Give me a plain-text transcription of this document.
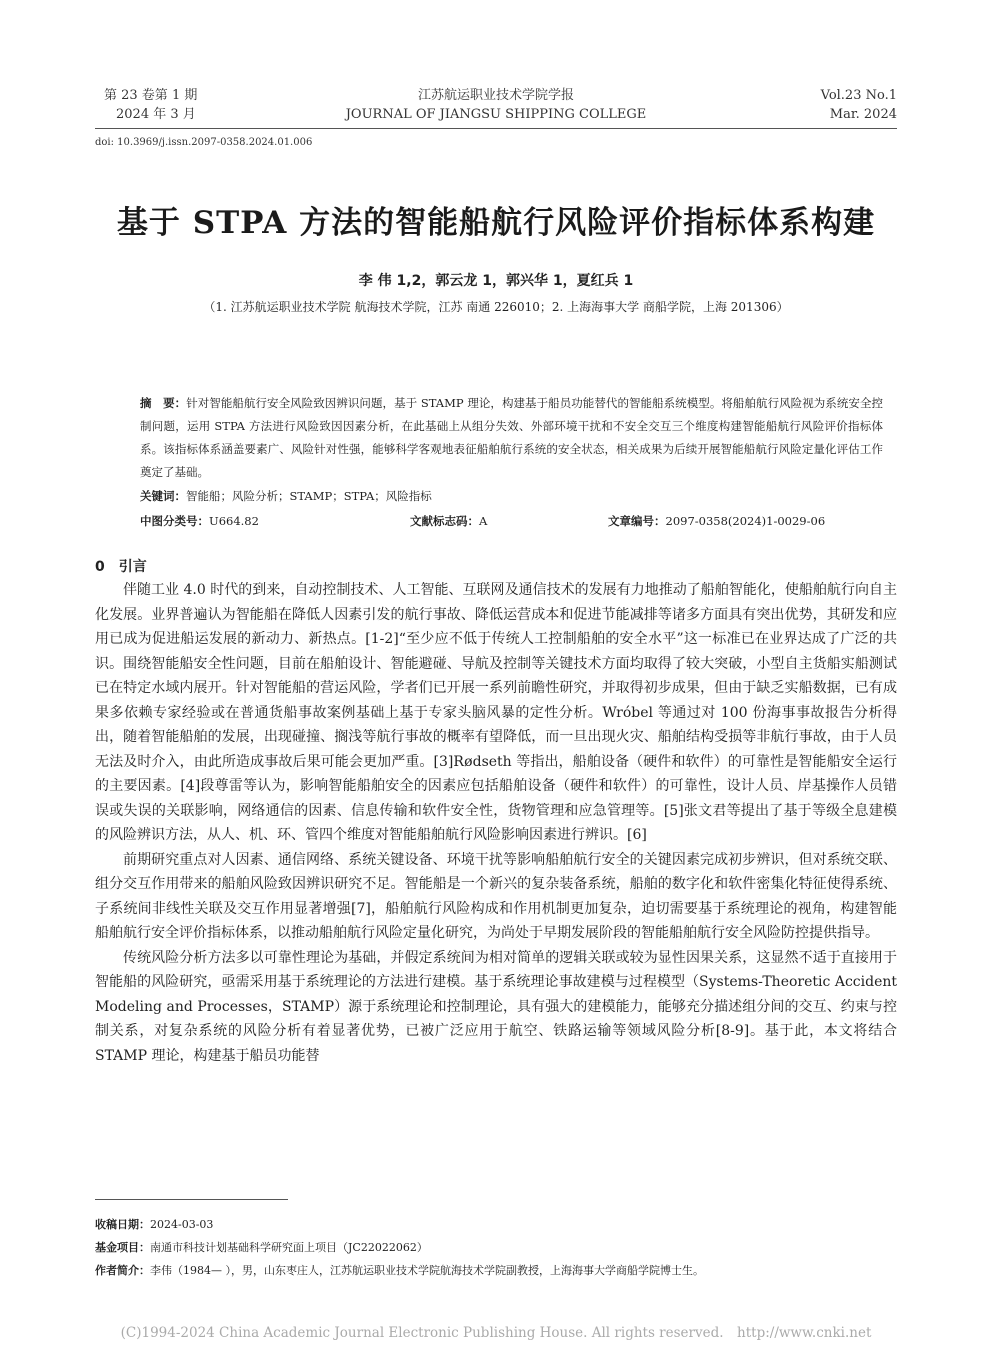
第 23 卷第 1 期
2024 年 3 月
江苏航运职业技术学院学报
JOURNAL OF JIANGSU SHIPPING COLLEGE
Vol.23 No.1
Mar. 2024
doi: 10.3969/j.issn.2097-0358.2024.01.006
基于 STPA 方法的智能船航行风险评价指标体系构建
李 伟 1,2，郭云龙 1，郭兴华 1，夏红兵 1
（1. 江苏航运职业技术学院 航海技术学院，江苏 南通 226010；2. 上海海事大学 商船学院，上海 201306）
摘　要：针对智能船航行安全风险致因辨识问题，基于 STAMP 理论，构建基于船员功能替代的智能船系统模型。将船舶航行风险视为系统安全控制问题，运用 STPA 方法进行风险致因因素分析，在此基础上从组分失效、外部环境干扰和不安全交互三个维度构建智能船航行风险评价指标体系。该指标体系涵盖要素广、风险针对性强，能够科学客观地表征船舶航行系统的安全状态，相关成果为后续开展智能船航行风险定量化评估工作奠定了基础。
关键词：智能船；风险分析；STAMP；STPA；风险指标
中图分类号：U664.82	文献标志码：A	文章编号：2097-0358(2024)1-0029-06
0　引言

伴随工业 4.0 时代的到来，自动控制技术、人工智能、互联网及通信技术的发展有力地推动了船舶智能化，使船舶航行向自主化发展。业界普遍认为智能船在降低人因素引发的航行事故、降低运营成本和促进节能减排等诸多方面具有突出优势，其研发和应用已成为促进船运发展的新动力、新热点。[1-2]“至少应不低于传统人工控制船舶的安全水平”这一标准已在业界达成了广泛的共识。围绕智能船安全性问题，目前在船舶设计、智能避碰、导航及控制等关键技术方面均取得了较大突破，小型自主货船实船测试已在特定水域内展开。针对智能船的营运风险，学者们已开展一系列前瞻性研究，并取得初步成果，但由于缺乏实船数据，已有成果多依赖专家经验或在普通货船事故案例基础上基于专家头脑风暴的定性分析。Wróbel 等通过对 100 份海事事故报告分析得出，随着智能船舶的发展，出现碰撞、搁浅等航行事故的概率有望降低，而一旦出现火灾、船舶结构受损等非航行事故，由于人员无法及时介入，由此所造成事故后果可能会更加严重。[3]Rødseth 等指出，船舶设备（硬件和软件）的可靠性是智能船安全运行的主要因素。[4]段尊雷等认为，影响智能船舶安全的因素应包括船舶设备（硬件和软件）的可靠性，设计人员、岸基操作人员错误或失误的关联影响，网络通信的因素、信息传输和软件安全性，货物管理和应急管理等。[5]张文君等提出了基于等级全息建模的风险辨识方法，从人、机、环、管四个维度对智能船舶航行风险影响因素进行辨识。[6]

前期研究重点对人因素、通信网络、系统关键设备、环境干扰等影响船舶航行安全的关键因素完成初步辨识，但对系统交联、组分交互作用带来的船舶风险致因辨识研究不足。智能船是一个新兴的复杂装备系统，船舶的数字化和软件密集化特征使得系统、子系统间非线性关联及交互作用显著增强[7]，船舶航行风险构成和作用机制更加复杂，迫切需要基于系统理论的视角，构建智能船舶航行安全评价指标体系，以推动船舶航行风险定量化研究，为尚处于早期发展阶段的智能船舶航行安全风险防控提供指导。

传统风险分析方法多以可靠性理论为基础，并假定系统间为相对简单的逻辑关联或较为显性因果关系，这显然不适于直接用于智能船的风险研究，亟需采用基于系统理论的方法进行建模。基于系统理论事故建模与过程模型（Systems-Theoretic Accident Modeling and Processes，STAMP）源于系统理论和控制理论，具有强大的建模能力，能够充分描述组分间的交互、约束与控制关系，对复杂系统的风险分析有着显著优势，已被广泛应用于航空、铁路运输等领域风险分析[8-9]。基于此，本文将结合 STAMP 理论，构建基于船员功能替

收稿日期：2024-03-03
基金项目：南通市科技计划基础科学研究面上项目（JC22022062）
作者简介：李伟（1984— ），男，山东枣庄人，江苏航运职业技术学院航海技术学院副教授，上海海事大学商船学院博士生。
(C)1994-2024 China Academic Journal Electronic Publishing House. All rights reserved.　http://www.cnki.net
